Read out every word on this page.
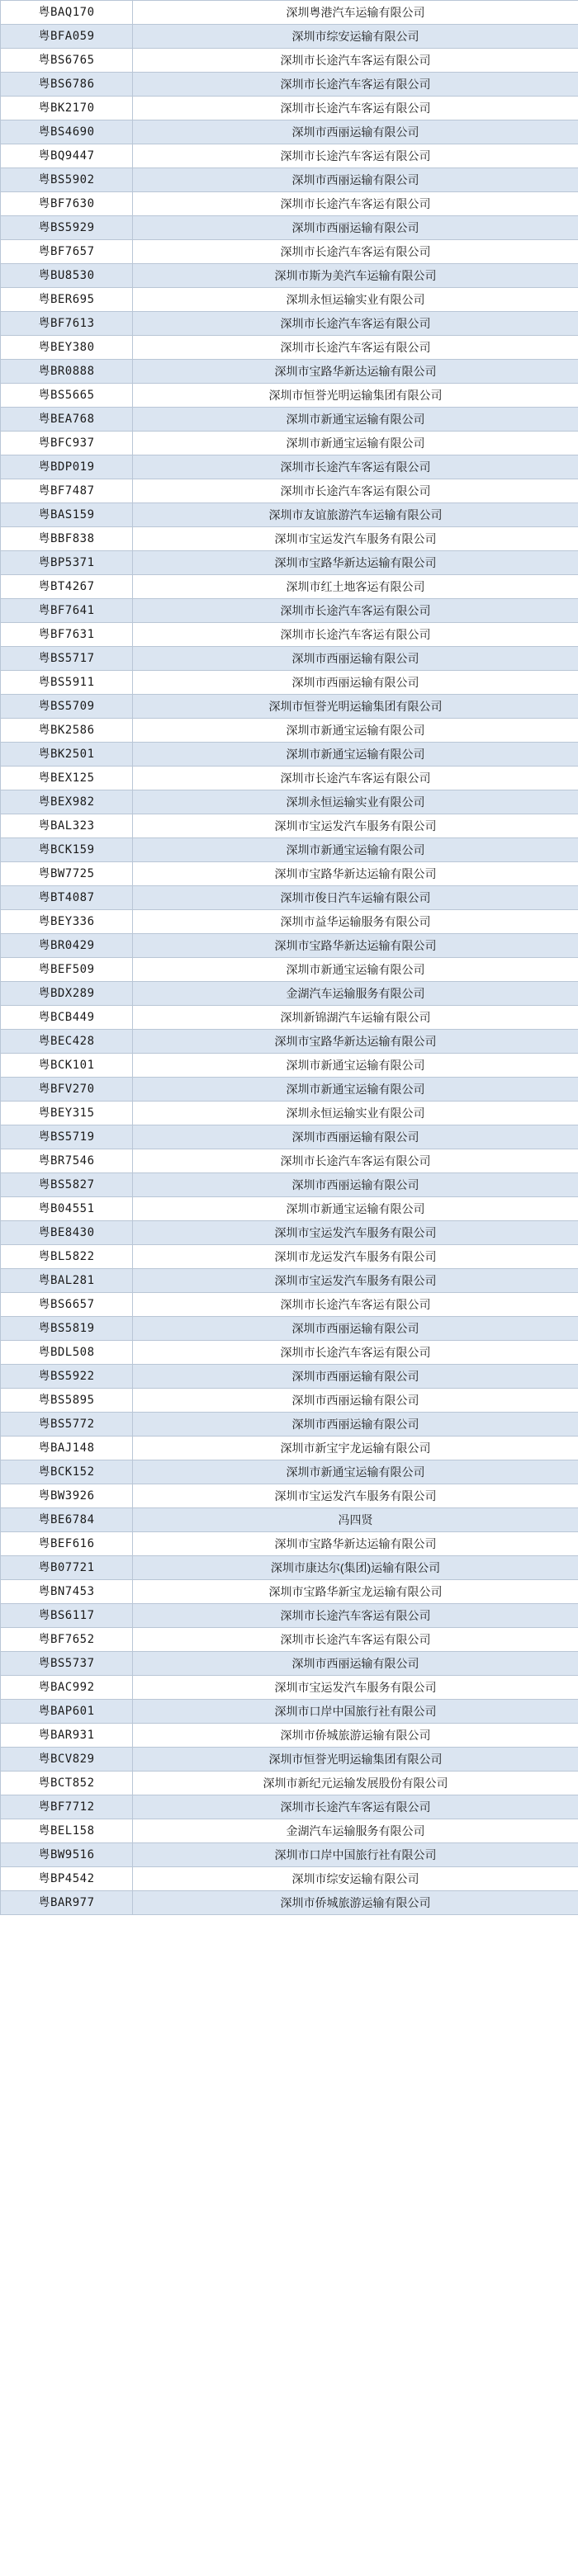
粤BAQ170	深圳粤港汽车运输有限公司
粤BFA059	深圳市综安运输有限公司
粤BS6765	深圳市长途汽车客运有限公司
粤BS6786	深圳市长途汽车客运有限公司
粤BK2170	深圳市长途汽车客运有限公司
粤BS4690	深圳市西丽运输有限公司
粤BQ9447	深圳市长途汽车客运有限公司
粤BS5902	深圳市西丽运输有限公司
粤BF7630	深圳市长途汽车客运有限公司
粤BS5929	深圳市西丽运输有限公司
粤BF7657	深圳市长途汽车客运有限公司
粤BU8530	深圳市斯为美汽车运输有限公司
粤BER695	深圳永恒运输实业有限公司
粤BF7613	深圳市长途汽车客运有限公司
粤BEY380	深圳市长途汽车客运有限公司
粤BR0888	深圳市宝路华新达运输有限公司
粤BS5665	深圳市恒誉光明运输集团有限公司
粤BEA768	深圳市新通宝运输有限公司
粤BFC937	深圳市新通宝运输有限公司
粤BDP019	深圳市长途汽车客运有限公司
粤BF7487	深圳市长途汽车客运有限公司
粤BAS159	深圳市友谊旅游汽车运输有限公司
粤BBF838	深圳市宝运发汽车服务有限公司
粤BP5371	深圳市宝路华新达运输有限公司
粤BT4267	深圳市红土地客运有限公司
粤BF7641	深圳市长途汽车客运有限公司
粤BF7631	深圳市长途汽车客运有限公司
粤BS5717	深圳市西丽运输有限公司
粤BS5911	深圳市西丽运输有限公司
粤BS5709	深圳市恒誉光明运输集团有限公司
粤BK2586	深圳市新通宝运输有限公司
粤BK2501	深圳市新通宝运输有限公司
粤BEX125	深圳市长途汽车客运有限公司
粤BEX982	深圳永恒运输实业有限公司
粤BAL323	深圳市宝运发汽车服务有限公司
粤BCK159	深圳市新通宝运输有限公司
粤BW7725	深圳市宝路华新达运输有限公司
粤BT4087	深圳市俊日汽车运输有限公司
粤BEY336	深圳市益华运输服务有限公司
粤BR0429	深圳市宝路华新达运输有限公司
粤BEF509	深圳市新通宝运输有限公司
粤BDX289	金湖汽车运输服务有限公司
粤BCB449	深圳新锦湖汽车运输有限公司
粤BEC428	深圳市宝路华新达运输有限公司
粤BCK101	深圳市新通宝运输有限公司
粤BFV270	深圳市新通宝运输有限公司
粤BEY315	深圳永恒运输实业有限公司
粤BS5719	深圳市西丽运输有限公司
粤BR7546	深圳市长途汽车客运有限公司
粤BS5827	深圳市西丽运输有限公司
粤B04551	深圳市新通宝运输有限公司
粤BE8430	深圳市宝运发汽车服务有限公司
粤BL5822	深圳市龙运发汽车服务有限公司
粤BAL281	深圳市宝运发汽车服务有限公司
粤BS6657	深圳市长途汽车客运有限公司
粤BS5819	深圳市西丽运输有限公司
粤BDL508	深圳市长途汽车客运有限公司
粤BS5922	深圳市西丽运输有限公司
粤BS5895	深圳市西丽运输有限公司
粤BS5772	深圳市西丽运输有限公司
粤BAJ148	深圳市新宝宇龙运输有限公司
粤BCK152	深圳市新通宝运输有限公司
粤BW3926	深圳市宝运发汽车服务有限公司
粤BE6784	冯四贤
粤BEF616	深圳市宝路华新达运输有限公司
粤B07721	深圳市康达尔(集团)运输有限公司
粤BN7453	深圳市宝路华新宝龙运输有限公司
粤BS6117	深圳市长途汽车客运有限公司
粤BF7652	深圳市长途汽车客运有限公司
粤BS5737	深圳市西丽运输有限公司
粤BAC992	深圳市宝运发汽车服务有限公司
粤BAP601	深圳市口岸中国旅行社有限公司
粤BAR931	深圳市侨城旅游运输有限公司
粤BCV829	深圳市恒誉光明运输集团有限公司
粤BCT852	深圳市新纪元运输发展股份有限公司
粤BF7712	深圳市长途汽车客运有限公司
粤BEL158	金湖汽车运输服务有限公司
粤BW9516	深圳市口岸中国旅行社有限公司
粤BP4542	深圳市综安运输有限公司
粤BAR977	深圳市侨城旅游运输有限公司
